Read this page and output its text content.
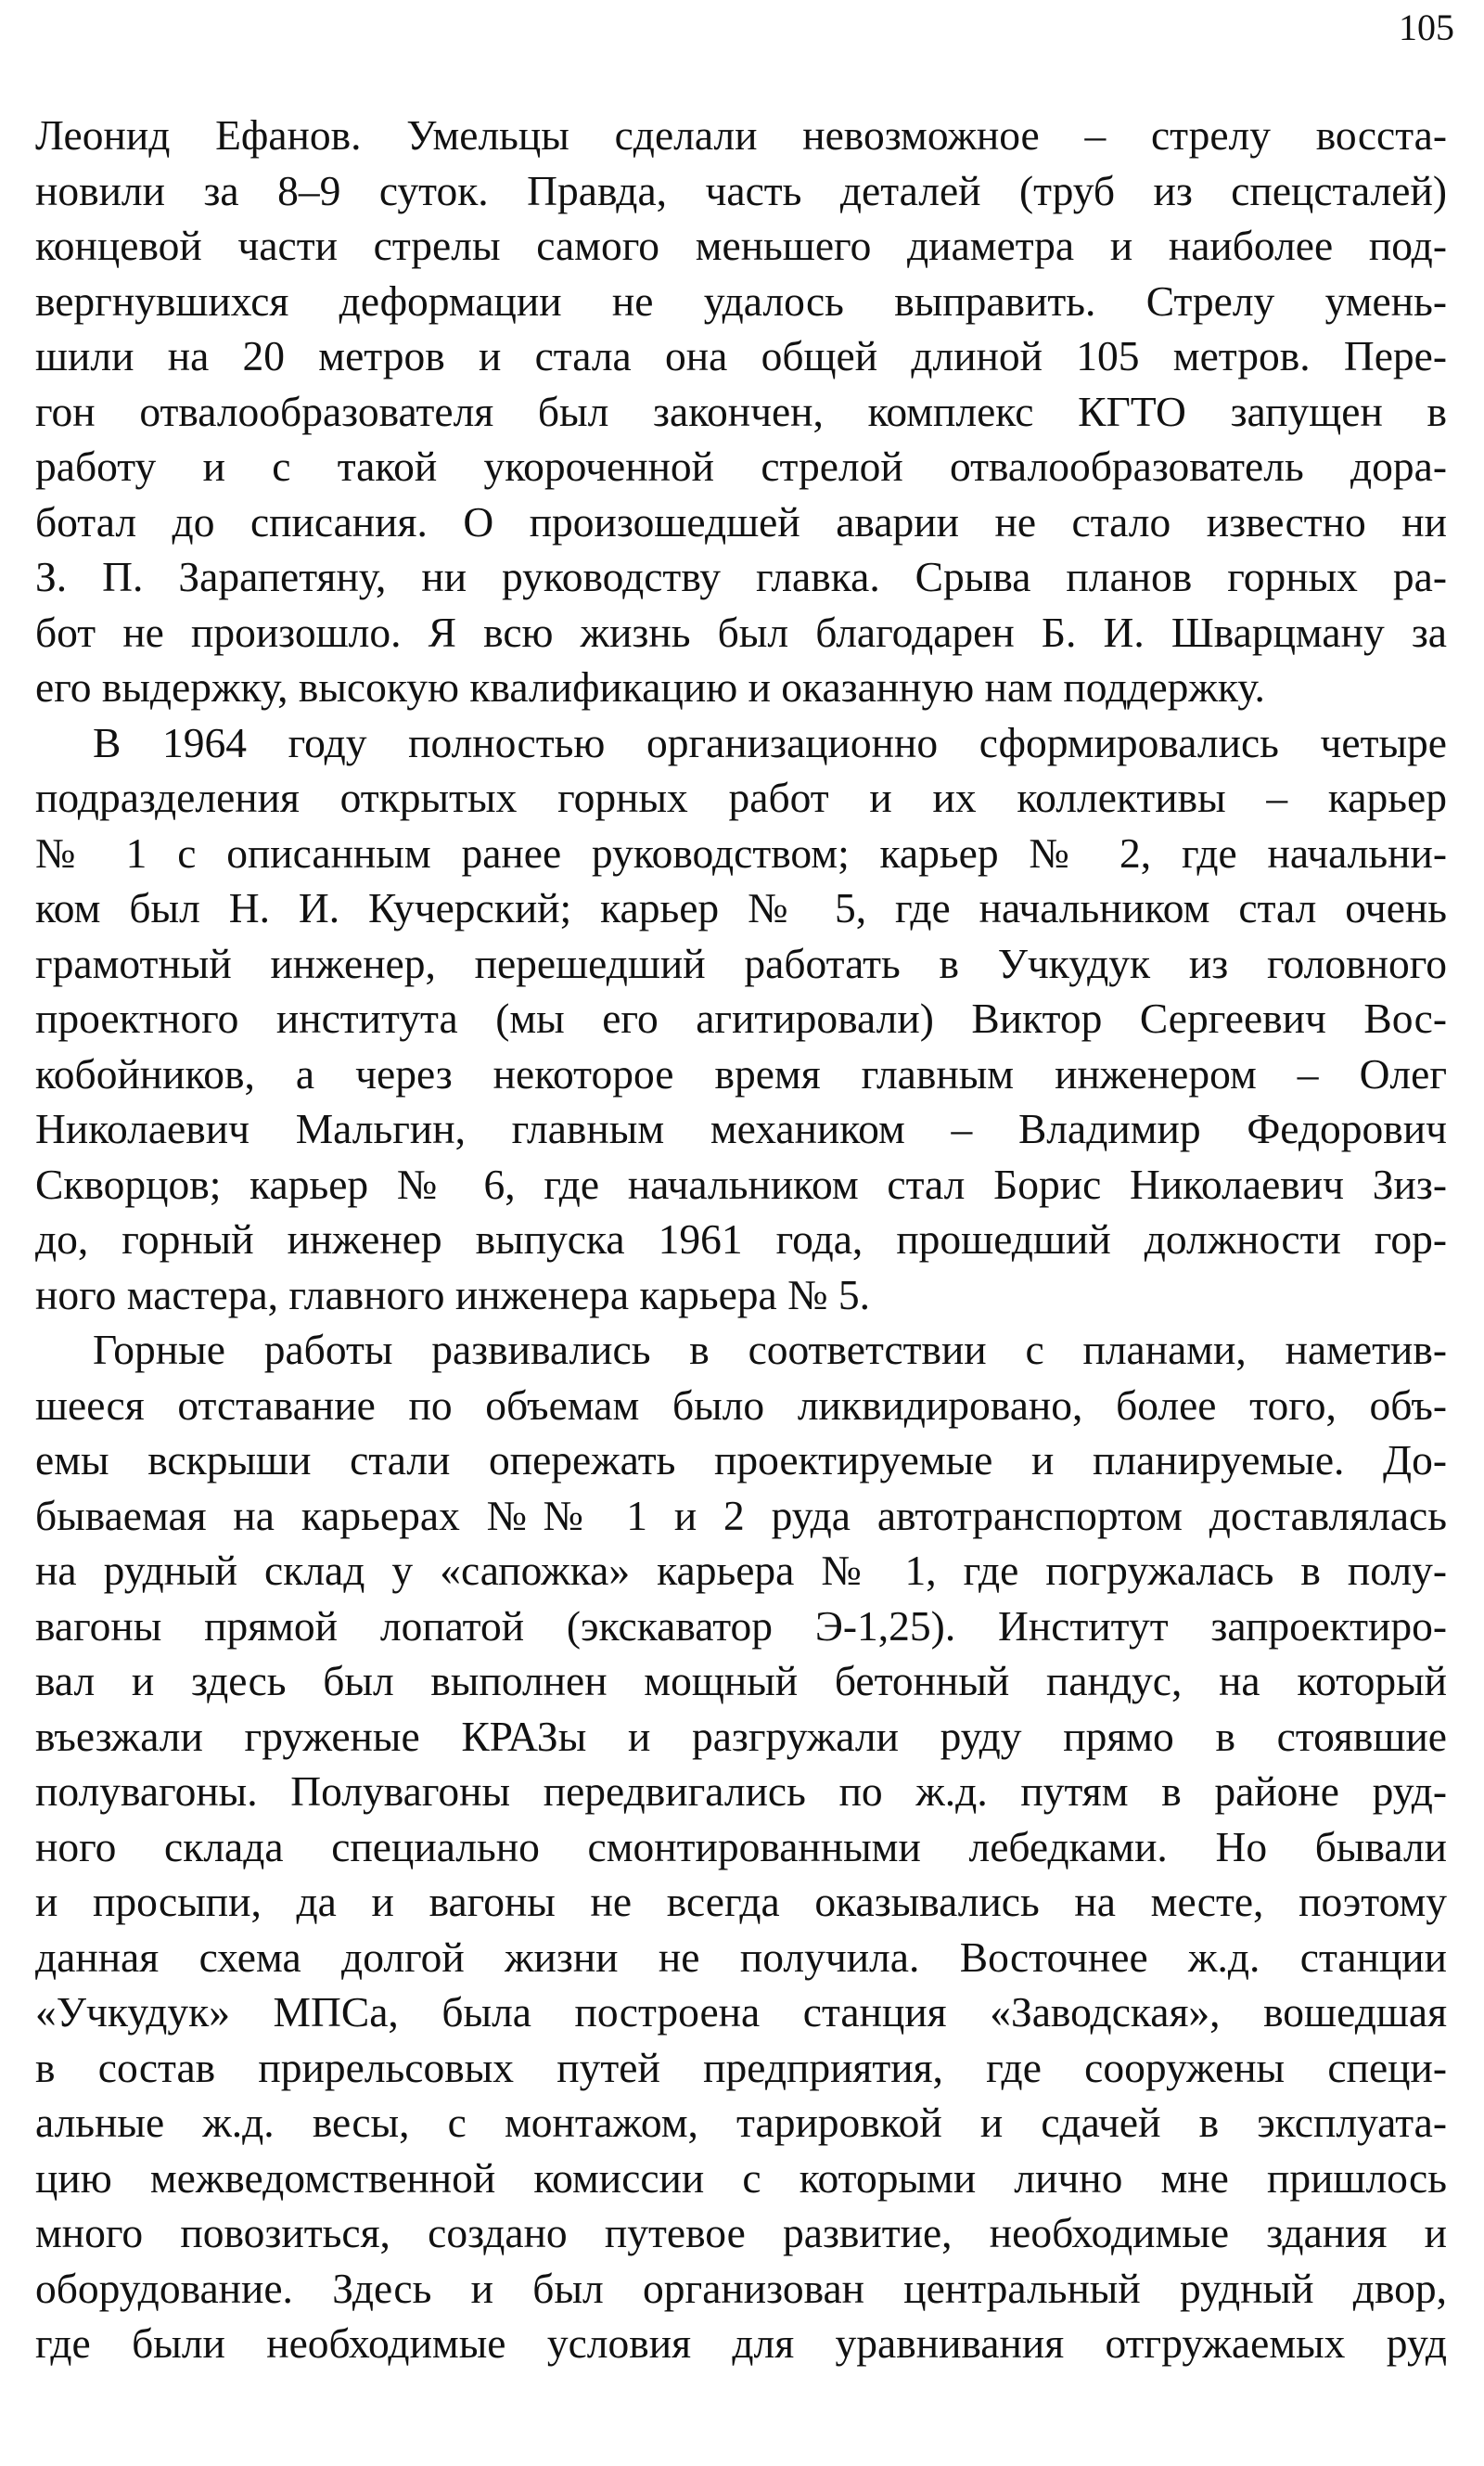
105
Леонид Ефанов. Умельцы сделали невозможное – стрелу восста-
новили за 8–9 суток. Правда, часть деталей (труб из спецсталей)
концевой части стрелы самого меньшего диаметра и наиболее под-
вергнувшихся деформации не удалось выправить. Стрелу умень-
шили на 20 метров и стала она общей длиной 105 метров. Пере-
гон отвалообразователя был закончен, комплекс КГТО запущен в
работу и с такой укороченной стрелой отвалообразователь дора-
ботал до списания. О произошедшей аварии не стало известно ни
З. П. Зарапетяну, ни руководству главка. Срыва планов горных ра-
бот не произошло. Я всю жизнь был благодарен Б. И. Шварцману за
его выдержку, высокую квалификацию и оказанную нам поддержку.
В 1964 году полностью организационно сформировались четыре
подразделения открытых горных работ и их коллективы – карьер
№ 1 с описанным ранее руководством; карьер № 2, где начальни-
ком был Н. И. Кучерский; карьер № 5, где начальником стал очень
грамотный инженер, перешедший работать в Учкудук из головного
проектного института (мы его агитировали) Виктор Сергеевич Вос-
кобойников, а через некоторое время главным инженером – Олег
Николаевич Мальгин, главным механиком – Владимир Федорович
Скворцов; карьер № 6, где начальником стал Борис Николаевич Зиз-
до, горный инженер выпуска 1961 года, прошедший должности гор-
ного мастера, главного инженера карьера № 5.
Горные работы развивались в соответствии с планами, наметив-
шееся отставание по объемам было ликвидировано, более того, объ-
емы вскрыши стали опережать проектируемые и планируемые. До-
бываемая на карьерах №№ 1 и 2 руда автотранспортом доставлялась
на рудный склад у «сапожка» карьера № 1, где погружалась в полу-
вагоны прямой лопатой (экскаватор Э-1,25). Институт запроектиро-
вал и здесь был выполнен мощный бетонный пандус, на который
въезжали груженые КРАЗы и разгружали руду прямо в стоявшие
полувагоны. Полувагоны передвигались по ж.д. путям в районе руд-
ного склада специально смонтированными лебедками. Но бывали
и просыпи, да и вагоны не всегда оказывались на месте, поэтому
данная схема долгой жизни не получила. Восточнее ж.д. станции
«Учкудук» МПСа, была построена станция «Заводская», вошедшая
в состав прирельсовых путей предприятия, где сооружены специ-
альные ж.д. весы, с монтажом, тарировкой и сдачей в эксплуата-
цию межведомственной комиссии с которыми лично мне пришлось
много повозиться, создано путевое развитие, необходимые здания и
оборудование. Здесь и был организован центральный рудный двор,
где были необходимые условия для уравнивания отгружаемых руд
